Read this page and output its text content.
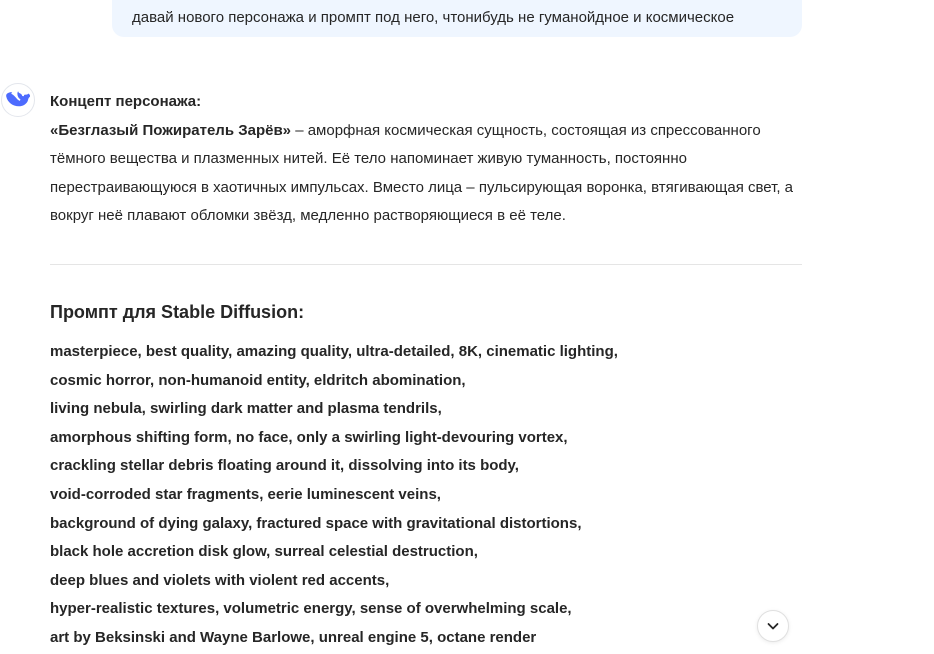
давай нового персонажа и промпт под него, чтонибудь не гуманойдное и космическое

Концепт персонажа:

«Безглазый Пожиратель Зарёв» – аморфная космическая сущность, состоящая из спрессованного тёмного вещества и плазменных нитей. Её тело напоминает живую туманность, постоянно перестраивающуюся в хаотичных импульсах. Вместо лица – пульсирующая воронка, втягивающая свет, а вокруг неё плавают обломки звёзд, медленно растворяющиеся в её теле.

Промпт для Stable Diffusion:
masterpiece, best quality, amazing quality, ultra-detailed, 8K, cinematic lighting,
cosmic horror, non-humanoid entity, eldritch abomination,
living nebula, swirling dark matter and plasma tendrils,
amorphous shifting form, no face, only a swirling light-devouring vortex,
crackling stellar debris floating around it, dissolving into its body,
void-corroded star fragments, eerie luminescent veins,
background of dying galaxy, fractured space with gravitational distortions,
black hole accretion disk glow, surreal celestial destruction,
deep blues and violets with violent red accents,
hyper-realistic textures, volumetric energy, sense of overwhelming scale,
art by Beksinski and Wayne Barlowe, unreal engine 5, octane render
